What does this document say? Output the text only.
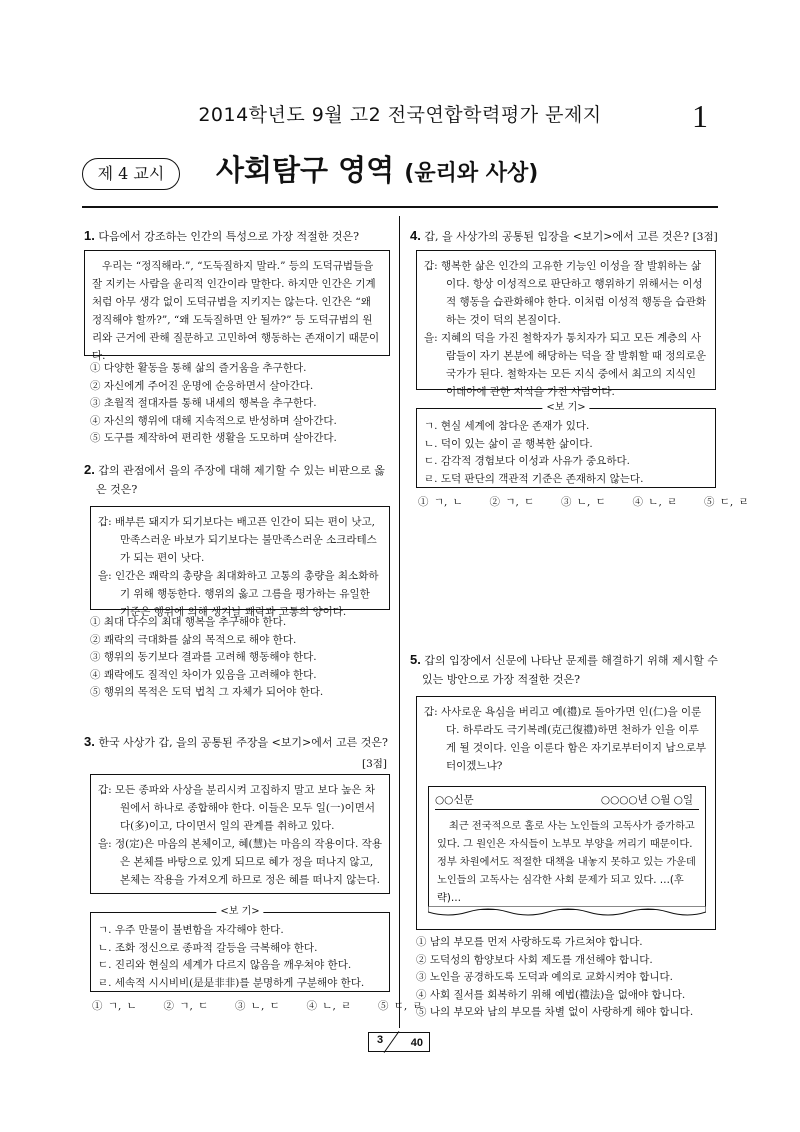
2014학년도 9월 고2 전국연합학력평가 문제지	1
제 4 교시	사회탐구 영역 (윤리와 사상)
1. 다음에서 강조하는 인간의 특성으로 가장 적절한 것은?

우리는 “정직해라.”, “도둑질하지 말라.” 등의 도덕규범들을 잘 지키는 사람을 윤리적 인간이라 말한다. 하지만 인간은 기계처럼 아무 생각 없이 도덕규범을 지키지는 않는다. 인간은 “왜 정직해야 할까?”, “왜 도둑질하면 안 될까?” 등 도덕규범의 원리와 근거에 관해 질문하고 고민하여 행동하는 존재이기 때문이다.

① 다양한 활동을 통해 삶의 즐거움을 추구한다.
② 자신에게 주어진 운명에 순응하면서 살아간다.
③ 초월적 절대자를 통해 내세의 행복을 추구한다.
④ 자신의 행위에 대해 지속적으로 반성하며 살아간다.
⑤ 도구를 제작하여 편리한 생활을 도모하며 살아간다.
2. 갑의 관점에서 을의 주장에 대해 제기할 수 있는 비판으로 옳
은 것은?

갑: 배부른 돼지가 되기보다는 배고픈 인간이 되는 편이 낫고, 만족스러운 바보가 되기보다는 불만족스러운 소크라테스가 되는 편이 낫다.

을: 인간은 쾌락의 총량을 최대화하고 고통의 총량을 최소화하기 위해 행동한다. 행위의 옳고 그름을 평가하는 유일한 기준은 행위에 의해 생겨날 쾌락과 고통의 양이다.

① 최대 다수의 최대 행복을 추구해야 한다.
② 쾌락의 극대화를 삶의 목적으로 해야 한다.
③ 행위의 동기보다 결과를 고려해 행동해야 한다.
④ 쾌락에도 질적인 차이가 있음을 고려해야 한다.
⑤ 행위의 목적은 도덕 법칙 그 자체가 되어야 한다.
3. 한국 사상가 갑, 을의 공통된 주장을 <보기>에서 고른 것은?
[3점]

갑: 모든 종파와 사상을 분리시켜 고집하지 말고 보다 높은 차원에서 하나로 종합해야 한다. 이들은 모두 일(一)이면서 다(多)이고, 다이면서 일의 관계를 취하고 있다.

을: 정(定)은 마음의 본체이고, 혜(慧)는 마음의 작용이다. 작용은 본체를 바탕으로 있게 되므로 혜가 정을 떠나지 않고, 본체는 작용을 가져오게 하므로 정은 혜를 떠나지 않는다.

<보 기>
ㄱ. 우주 만물이 불변함을 자각해야 한다.
ㄴ. 조화 정신으로 종파적 갈등을 극복해야 한다.
ㄷ. 진리와 현실의 세계가 다르지 않음을 깨우쳐야 한다.
ㄹ. 세속적 시시비비(是是非非)를 분명하게 구분해야 한다.
① ㄱ, ㄴ     ② ㄱ, ㄷ     ③ ㄴ, ㄷ     ④ ㄴ, ㄹ     ⑤ ㄷ, ㄹ
4. 갑, 을 사상가의 공통된 입장을 <보기>에서 고른 것은? [3점]

갑: 행복한 삶은 인간의 고유한 기능인 이성을 잘 발휘하는 삶이다. 항상 이성적으로 판단하고 행위하기 위해서는 이성적 행동을 습관화해야 한다. 이처럼 이성적 행동을 습관화하는 것이 덕의 본질이다.

을: 지혜의 덕을 가진 철학자가 통치자가 되고 모든 계층의 사람들이 자기 본분에 해당하는 덕을 잘 발휘할 때 정의로운 국가가 된다. 철학자는 모든 지식 중에서 최고의 지식인 이데아에 관한 지식을 가진 사람이다.

<보 기>
ㄱ. 현실 세계에 참다운 존재가 있다.
ㄴ. 덕이 있는 삶이 곧 행복한 삶이다.
ㄷ. 감각적 경험보다 이성과 사유가 중요하다.
ㄹ. 도덕 판단의 객관적 기준은 존재하지 않는다.
① ㄱ, ㄴ     ② ㄱ, ㄷ     ③ ㄴ, ㄷ     ④ ㄴ, ㄹ     ⑤ ㄷ, ㄹ
5. 갑의 입장에서 신문에 나타난 문제를 해결하기 위해 제시할 수
있는 방안으로 가장 적절한 것은?

갑: 사사로운 욕심을 버리고 예(禮)로 돌아가면 인(仁)을 이룬다. 하루라도 극기복례(克己復禮)하면 천하가 인을 이루게 될 것이다. 인을 이룬다 함은 자기로부터이지 남으로부터이겠느냐?

○○신문	○○○○년 ○월 ○일

최근 전국적으로 홀로 사는 노인들의 고독사가 증가하고 있다. 그 원인은 자식들이 노부모 부양을 꺼리기 때문이다. 정부 차원에서도 적절한 대책을 내놓지 못하고 있는 가운데 노인들의 고독사는 심각한 사회 문제가 되고 있다. …(후략)…

① 남의 부모를 먼저 사랑하도록 가르쳐야 합니다.
② 도덕성의 함양보다 사회 제도를 개선해야 합니다.
③ 노인을 공경하도록 도덕과 예의로 교화시켜야 합니다.
④ 사회 질서를 회복하기 위해 예법(禮法)을 없애야 합니다.
⑤ 나의 부모와 남의 부모를 차별 없이 사랑하게 해야 합니다.
3	40
